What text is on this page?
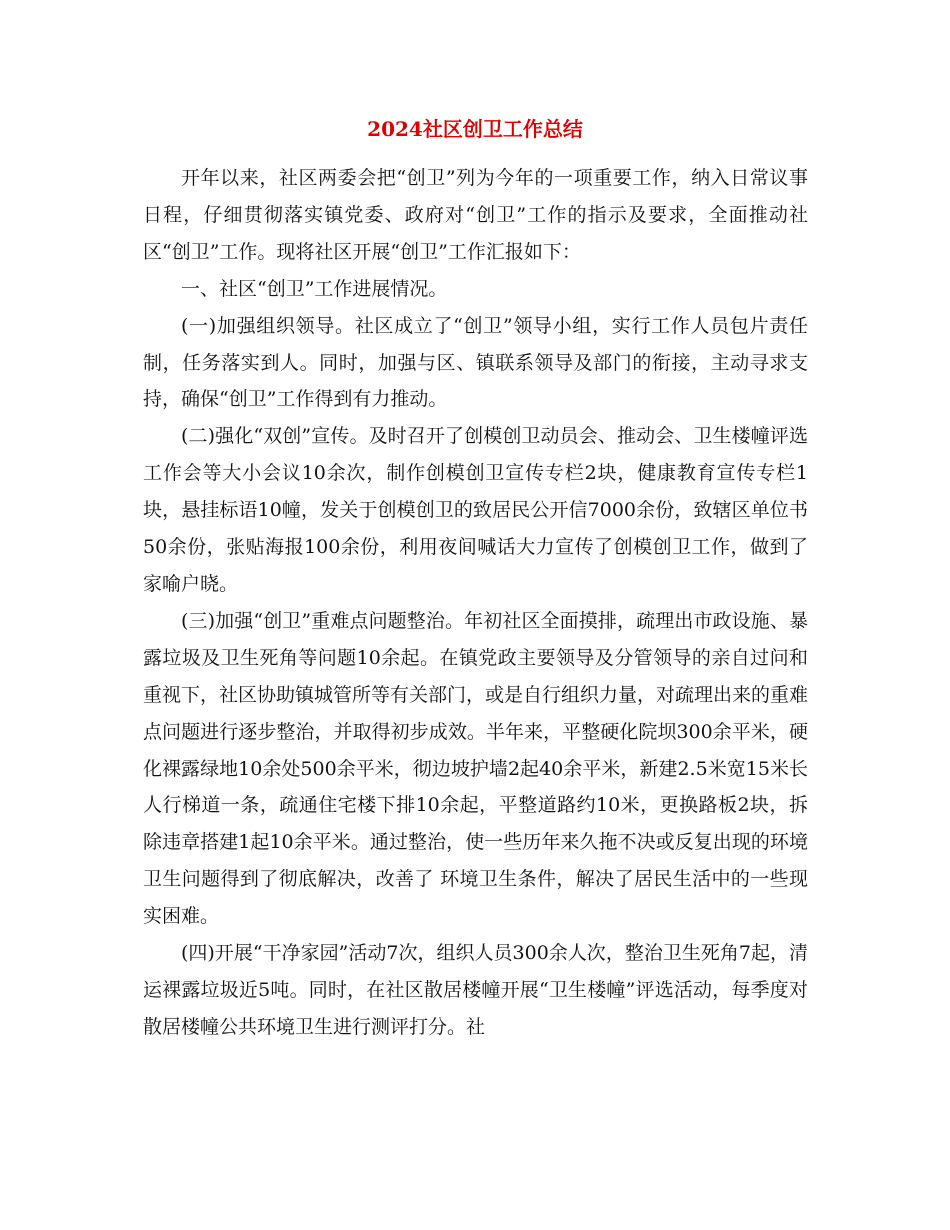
2024社区创卫工作总结

开年以来，社区两委会把“创卫”列为今年的一项重要工作，纳入日常议事日程，仔细贯彻落实镇党委、政府对“创卫”工作的指示及要求，全面推动社区“创卫”工作。现将社区开展“创卫”工作汇报如下：

一、社区“创卫”工作进展情况。

(一)加强组织领导。社区成立了“创卫”领导小组，实行工作人员包片责任制，任务落实到人。同时，加强与区、镇联系领导及部门的衔接，主动寻求支持，确保“创卫”工作得到有力推动。

(二)强化“双创”宣传。及时召开了创模创卫动员会、推动会、卫生楼幢评选工作会等大小会议10余次，制作创模创卫宣传专栏2块，健康教育宣传专栏1块，悬挂标语10幢，发关于创模创卫的致居民公开信7000余份，致辖区单位书50余份，张贴海报100余份，利用夜间喊话大力宣传了创模创卫工作，做到了家喻户晓。

(三)加强“创卫”重难点问题整治。年初社区全面摸排，疏理出市政设施、暴露垃圾及卫生死角等问题10余起。在镇党政主要领导及分管领导的亲自过问和重视下，社区协助镇城管所等有关部门，或是自行组织力量，对疏理出来的重难点问题进行逐步整治，并取得初步成效。半年来，平整硬化院坝300余平米，硬化裸露绿地10余处500余平米，彻边坡护墙2起40余平米，新建2.5米宽15米长人行梯道一条，疏通住宅楼下排10余起，平整道路约10米，更换路板2块，拆除违章搭建1起10余平米。通过整治，使一些历年来久拖不决或反复出现的环境卫生问题得到了彻底解决，改善了 环境卫生条件，解决了居民生活中的一些现实困难。

(四)开展“干净家园”活动7次，组织人员300余人次，整治卫生死角7起，清运裸露垃圾近5吨。同时，在社区散居楼幢开展“卫生楼幢”评选活动，每季度对散居楼幢公共环境卫生进行测评打分。社
